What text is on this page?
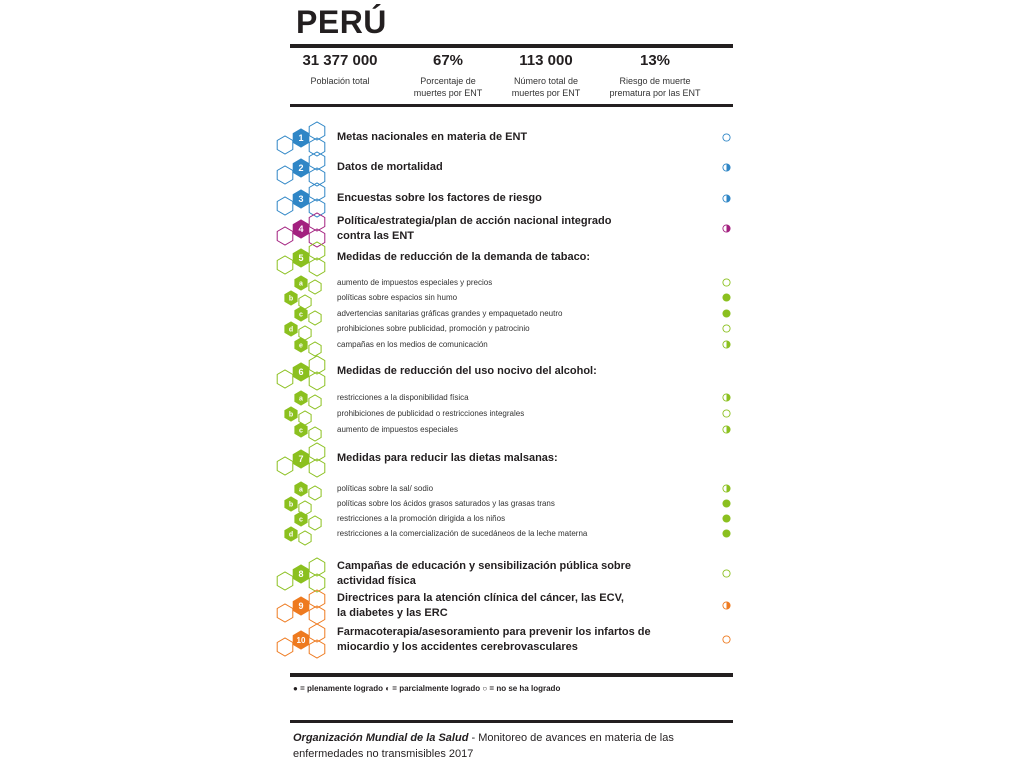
PERÚ
31 377 000
Población total
67%
Porcentaje de
muertes por ENT
113 000
Número total de
muertes por ENT
13%
Riesgo de muerte
prematura por las ENT
1
2
3
4
5
a
b
c
d
e
6
a
b
c
7
a
b
c
d
8
9
10
Metas nacionales en materia de ENT
Datos de mortalidad
Encuestas sobre los factores de riesgo
Política/estrategia/plan de acción nacional integrado
contra las ENT
Medidas de reducción de la demanda de tabaco:
aumento de impuestos especiales y precios
políticas sobre espacios sin humo
advertencias sanitarias gráficas grandes y empaquetado neutro
prohibiciones sobre publicidad, promoción y patrocinio
campañas en los medios de comunicación
Medidas de reducción del uso nocivo del alcohol:
restricciones a la disponibilidad física
prohibiciones de publicidad o restricciones integrales
aumento de impuestos especiales
Medidas para reducir las dietas malsanas:
políticas sobre la sal/ sodio
políticas sobre los ácidos grasos saturados y las grasas trans
restricciones a la promoción dirigida a los niños
restricciones a la comercialización de sucedáneos de la leche materna
Campañas de educación y sensibilización pública sobre
actividad física
Directrices para la atención clínica del cáncer, las ECV,
la diabetes y las ERC
Farmacoterapia/asesoramiento para prevenir los infartos de
miocardio y los accidentes cerebrovasculares
● = plenamente logrado ◐ = parcialmente logrado ○ = no se ha logrado
Organización Mundial de la Salud - Monitoreo de avances en materia de las enfermedades no transmisibles 2017
